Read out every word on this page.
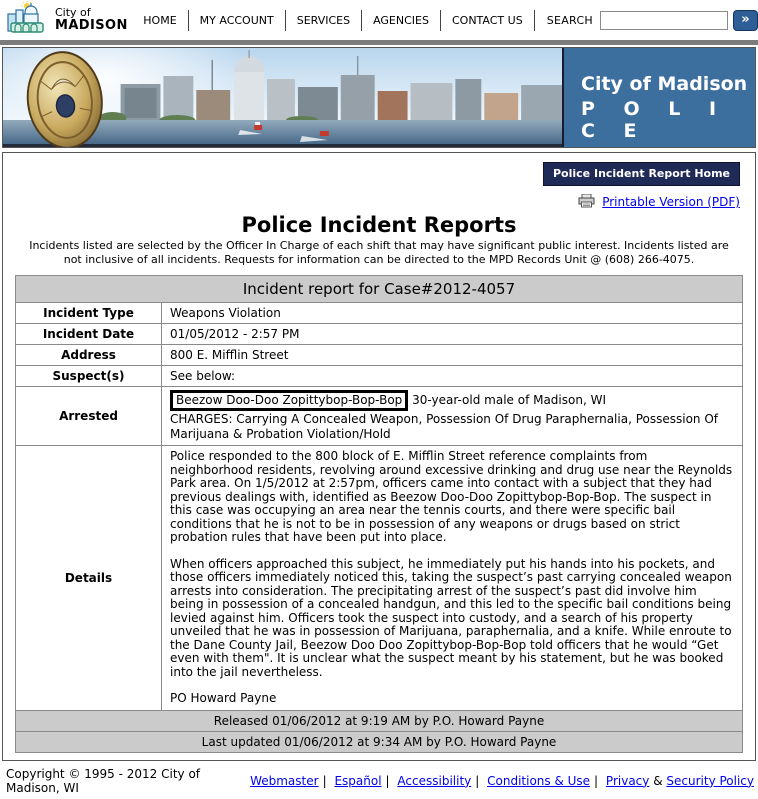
City of
MADISON	HOME	MY ACCOUNT	SERVICES	AGENCIES	CONTACT US	SEARCH	»
City of Madison
P O L I C E
Police Incident Report Home
Printable Version (PDF)
Police Incident Reports
Incidents listed are selected by the Officer In Charge of each shift that may have significant public interest. Incidents listed are not inclusive of all incidents. Requests for information can be directed to the MPD Records Unit @ (608) 266-4075.
Incident report for Case#2012-4057	
Incident Type	Weapons Violation
Incident Date	01/05/2012 - 2:57 PM
Address	800 E. Mifflin Street
Suspect(s)	See below:
Arrested	Beezow Doo-Doo Zopittybop-Bop-Bop 30-year-old male of Madison, WI
CHARGES: Carrying A Concealed Weapon, Possession Of Drug Paraphernalia, Possession Of Marijuana & Probation Violation/Hold

Details	Police responded to the 800 block of E. Mifflin Street reference complaints from neighborhood residents, revolving around excessive drinking and drug use near the Reynolds Park area. On 1/5/2012 at 2:57pm, officers came into contact with a subject that they had previous dealings with, identified as Beezow Doo-Doo Zopittybop-Bop-Bop. The suspect in this case was occupying an area near the tennis courts, and there were specific bail conditions that he is not to be in possession of any weapons or drugs based on strict probation rules that have been put into place.

When officers approached this subject, he immediately put his hands into his pockets, and those officers immediately noticed this, taking the suspect’s past carrying concealed weapon arrests into consideration. The precipitating arrest of the suspect’s past did involve him being in possession of a concealed handgun, and this led to the specific bail conditions being levied against him. Officers took the suspect into custody, and a search of his property unveiled that he was in possession of Marijuana, paraphernalia, and a knife. While enroute to the Dane County Jail, Beezow Doo Doo Zopittybop-Bop-Bop told officers that he would “Get even with them". It is unclear what the suspect meant by his statement, but he was booked into the jail nevertheless.

PO Howard Payne

Released 01/06/2012 at 9:19 AM by P.O. Howard Payne	
Last updated 01/06/2012 at 9:34 AM by P.O. Howard Payne	
Copyright © 1995 - 2012 City of Madison, WI	Webmaster | Español | Accessibility | Conditions & Use | Privacy & Security Policy
